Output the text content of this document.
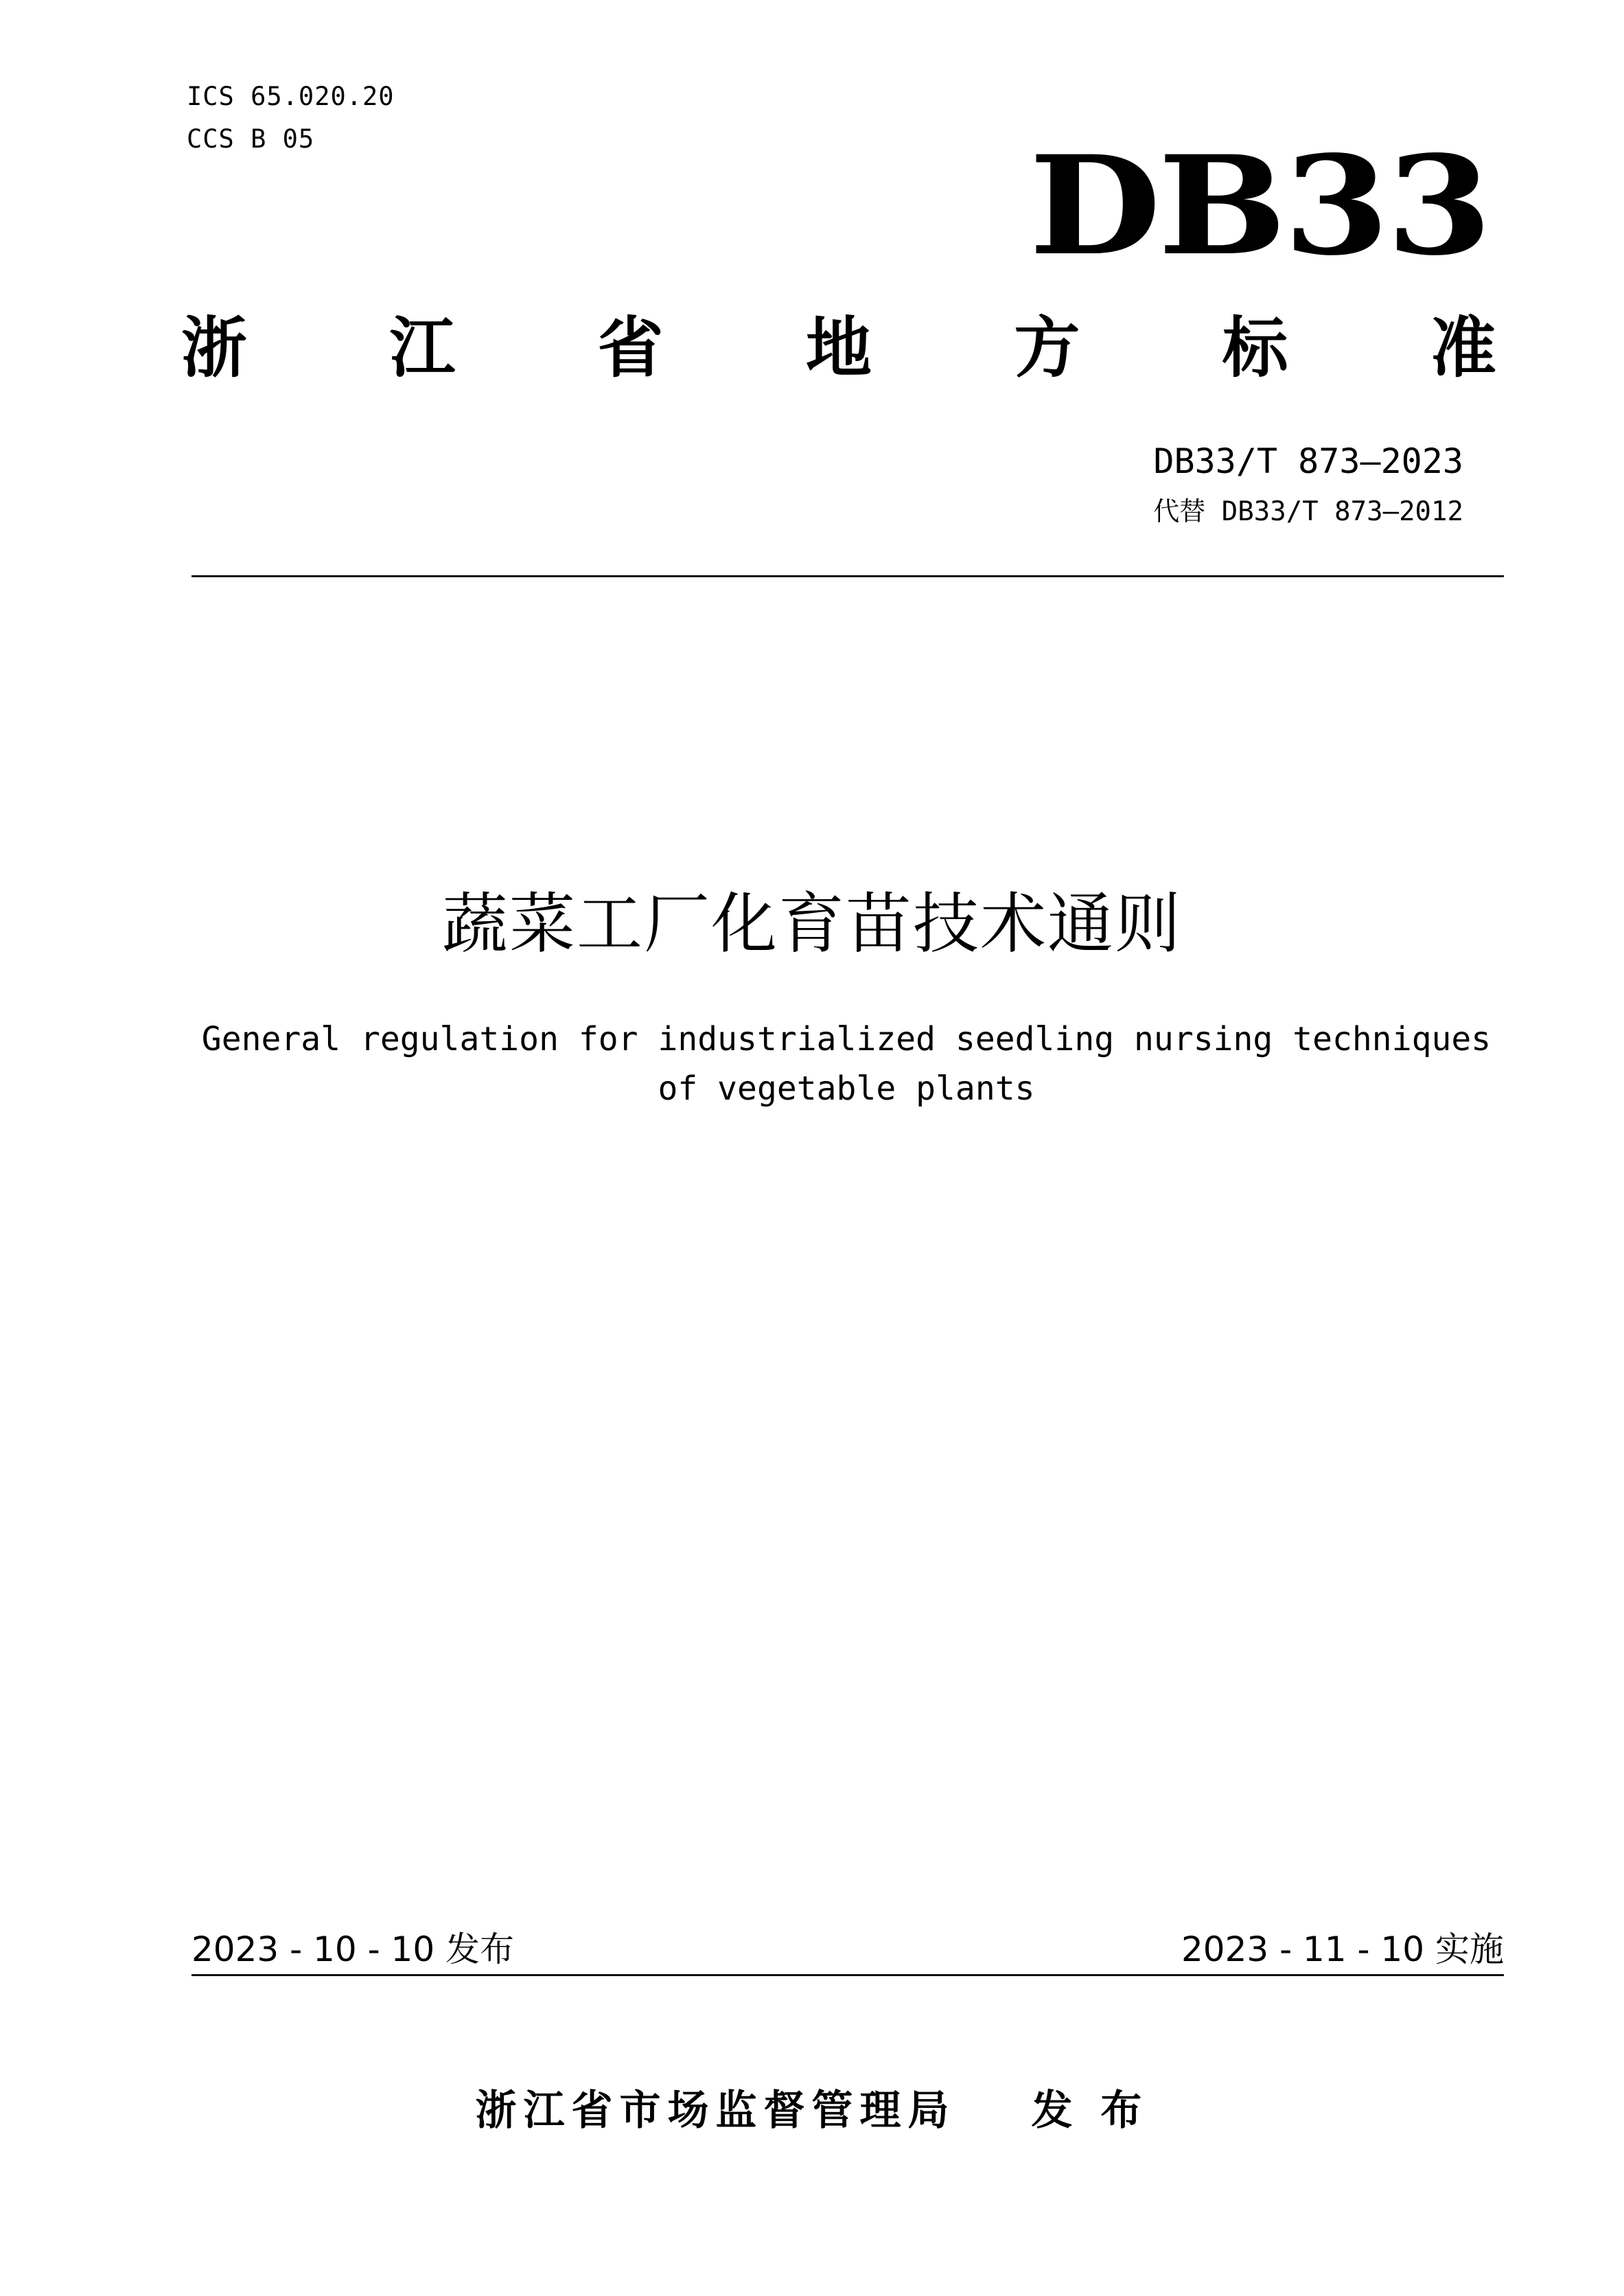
ICS 65.020.20
CCS B 05	DB33
浙 江 省 地 方 标 准
DB33/T 873—2023
代替 DB33/T 873—2012
蔬菜工厂化育苗技术通则
General regulation for industrialized seedling nursing techniques of vegetable plants
2023 - 10 - 10 发布	2023 - 11 - 10 实施
浙江省市场监督管理局 发 布
